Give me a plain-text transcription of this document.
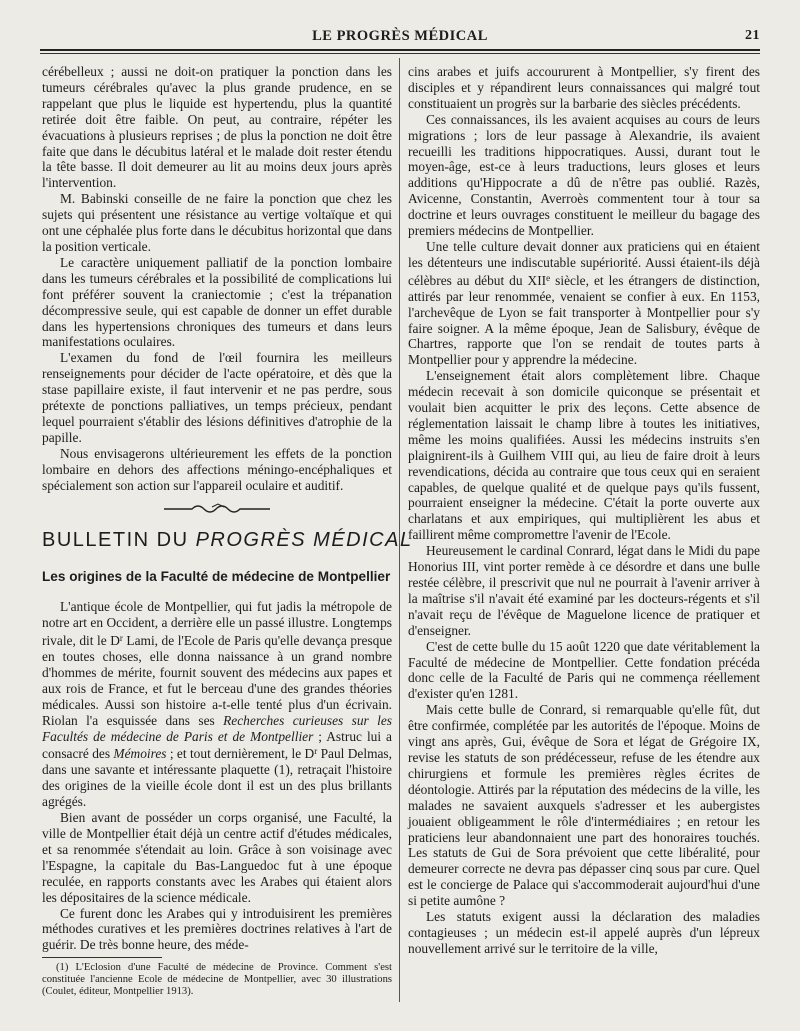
LE PROGRÈS MÉDICAL	21

cérébelleux ; aussi ne doit-on pratiquer la ponction dans les tumeurs cérébrales qu'avec la plus grande prudence, en se rappelant que plus le liquide est hypertendu, plus la quantité retirée doit être faible. On peut, au contraire, répéter les évacuations à plusieurs reprises ; de plus la ponction ne doit être faite que dans le décubitus latéral et le malade doit rester étendu la tête basse. Il doit demeurer au lit au moins deux jours après l'intervention.

M. Babinski conseille de ne faire la ponction que chez les sujets qui présentent une résistance au vertige voltaïque et qui ont une céphalée plus forte dans le décubitus horizontal que dans la position verticale.

Le caractère uniquement palliatif de la ponction lombaire dans les tumeurs cérébrales et la possibilité de complications lui font préférer souvent la craniectomie ; c'est la trépanation décompressive seule, qui est capable de donner un effet durable dans les hypertensions chroniques des tumeurs et dans leurs manifestations oculaires.

L'examen du fond de l'œil fournira les meilleurs renseignements pour décider de l'acte opératoire, et dès que la stase papillaire existe, il faut intervenir et ne pas perdre, sous prétexte de ponctions palliatives, un temps précieux, pendant lequel pourraient s'établir des lésions définitives d'atrophie de la papille.

Nous envisagerons ultérieurement les effets de la ponction lombaire en dehors des affections méningo-encéphaliques et spécialement son action sur l'appareil oculaire et auditif.

BULLETIN DU PROGRÈS MÉDICAL
Les origines de la Faculté de médecine de Montpellier

L'antique école de Montpellier, qui fut jadis la métropole de notre art en Occident, a derrière elle un passé illustre. Longtemps rivale, dit le $D^r$ Lami, de l'Ecole de Paris qu'elle devança presque en toutes choses, elle donna naissance à un grand nombre d'hommes de mérite, fournit souvent des médecins aux papes et aux rois de France, et fut le berceau d'une des grandes théories médicales. Aussi son histoire a-t-elle tenté plus d'un écrivain. Riolan l'a esquissée dans ses Recherches curieuses sur les Facultés de médecine de Paris et de Montpellier ; Astruc lui a consacré des Mémoires ; et tout dernièrement, le $D^r$ Paul Delmas, dans une savante et intéressante plaquette (1), retraçait l'histoire des origines de la vieille école dont il est un des plus brillants agrégés.

Bien avant de posséder un corps organisé, une Faculté, la ville de Montpellier était déjà un centre actif d'études médicales, et sa renommée s'étendait au loin. Grâce à son voisinage avec l'Espagne, la capitale du Bas-Languedoc fut à une époque reculée, en rapports constants avec les Arabes qui étaient alors les dépositaires de la science médicale.

Ce furent donc les Arabes qui y introduisirent les premières méthodes curatives et les premières doctrines relatives à l'art de guérir. De très bonne heure, des méde-

(1) L'Eclosion d'une Faculté de médecine de Province. Comment s'est constituée l'ancienne Ecole de médecine de Montpellier, avec 30 illustrations (Coulet, éditeur, Montpellier 1913).

cins arabes et juifs accoururent à Montpellier, s'y firent des disciples et y répandirent leurs connaissances qui malgré tout constituaient un progrès sur la barbarie des siècles précédents.

Ces connaissances, ils les avaient acquises au cours de leurs migrations ; lors de leur passage à Alexandrie, ils avaient recueilli les traditions hippocratiques. Aussi, durant tout le moyen-âge, est-ce à leurs traductions, leurs gloses et leurs additions qu'Hippocrate a dû de n'être pas oublié. Razès, Avicenne, Constantin, Averroès commentent tour à tour sa doctrine et leurs ouvrages constituent le meilleur du bagage des premiers médecins de Montpellier.

Une telle culture devait donner aux praticiens qui en étaient les détenteurs une indiscutable supériorité. Aussi étaient-ils déjà célèbres au début du XIIe siècle, et les étrangers de distinction, attirés par leur renommée, venaient se confier à eux. En 1153, l'archevêque de Lyon se fait transporter à Montpellier pour s'y faire soigner. A la même époque, Jean de Salisbury, évêque de Chartres, rapporte que l'on se rendait de toutes parts à Montpellier pour y apprendre la médecine.

L'enseignement était alors complètement libre. Chaque médecin recevait à son domicile quiconque se présentait et voulait bien acquitter le prix des leçons. Cette absence de réglementation laissait le champ libre à toutes les initiatives, même les moins qualifiées. Aussi les médecins instruits s'en plaignirent-ils à Guilhem VIII qui, au lieu de faire droit à leurs revendications, décida au contraire que tous ceux qui en seraient capables, de quelque qualité et de quelque pays qu'ils fussent, pourraient enseigner la médecine. C'était la porte ouverte aux charlatans et aux empiriques, qui multiplièrent les abus et faillirent même compromettre l'avenir de l'Ecole.

Heureusement le cardinal Conrard, légat dans le Midi du pape Honorius III, vint porter remède à ce désordre et dans une bulle restée célèbre, il prescrivit que nul ne pourrait à l'avenir arriver à la maîtrise s'il n'avait été examiné par les docteurs-régents et s'il n'avait reçu de l'évêque de Maguelone licence de pratiquer et d'enseigner.

C'est de cette bulle du 15 août 1220 que date véritablement la Faculté de médecine de Montpellier. Cette fondation précéda donc celle de la Faculté de Paris qui ne commença réellement d'exister qu'en 1281.

Mais cette bulle de Conrard, si remarquable qu'elle fût, dut être confirmée, complétée par les autorités de l'époque. Moins de vingt ans après, Gui, évêque de Sora et légat de Grégoire IX, revise les statuts de son prédécesseur, refuse de les étendre aux chirurgiens et formule les premières règles écrites de déontologie. Attirés par la réputation des médecins de la ville, les malades ne savaient auxquels s'adresser et les aubergistes jouaient obligeamment le rôle d'intermédiaires ; en retour les praticiens leur abandonnaient une part des honoraires touchés. Les statuts de Gui de Sora prévoient que cette libéralité, pour demeurer correcte ne devra pas dépasser cinq sous par cure. Quel est le concierge de Palace qui s'accommoderait aujourd'hui d'une si petite aumône ?

Les statuts exigent aussi la déclaration des maladies contagieuses ; un médecin est-il appelé auprès d'un lépreux nouvellement arrivé sur le territoire de la ville,
